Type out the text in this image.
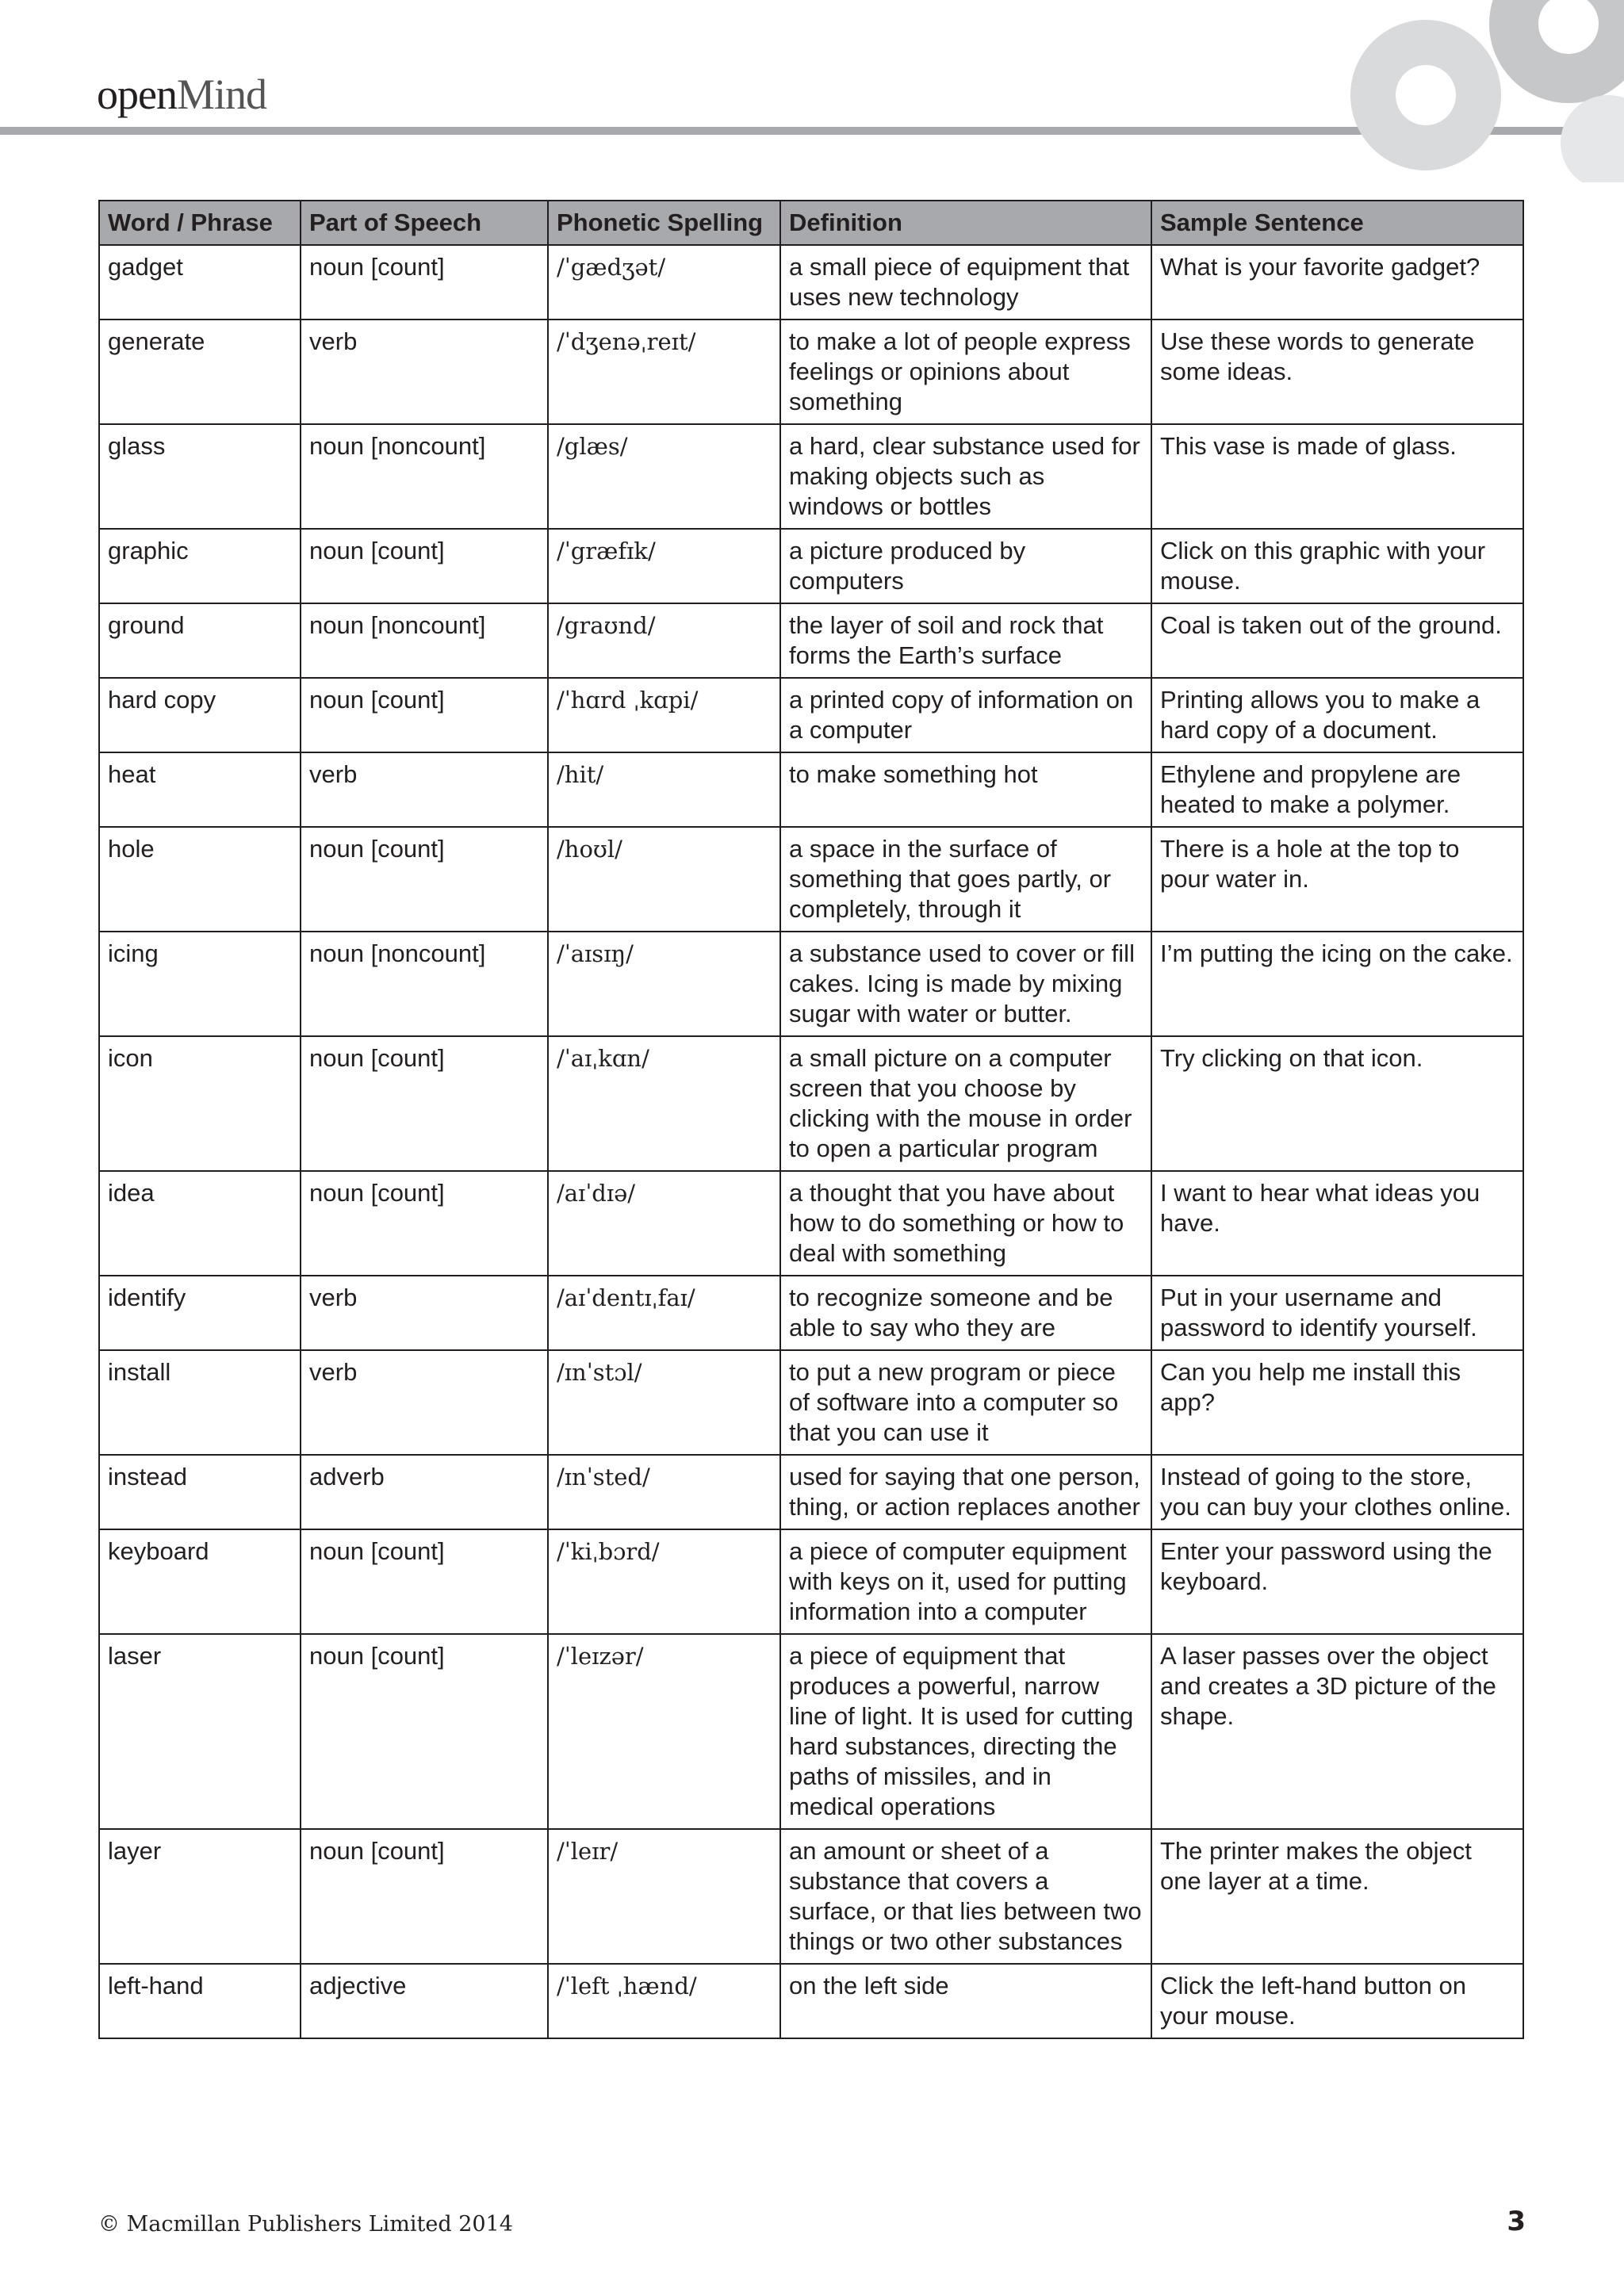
openMind
Word / Phrase	Part of Speech	Phonetic Spelling	Definition	Sample Sentence
gadget	noun [count]	/ˈgædʒət/	a small piece of equipment that uses new technology	What is your favorite gadget?
generate	verb	/ˈdʒenəˌreɪt/	to make a lot of people express feelings or opinions about something	Use these words to generate some ideas.
glass	noun [noncount]	/glæs/	a hard, clear substance used for making objects such as windows or bottles	This vase is made of glass.
graphic	noun [count]	/ˈgræfɪk/	a picture produced by computers	Click on this graphic with your mouse.
ground	noun [noncount]	/graʊnd/	the layer of soil and rock that forms the Earth’s surface	Coal is taken out of the ground.
hard copy	noun [count]	/ˈhɑrd ˌkɑpi/	a printed copy of information on a computer	Printing allows you to make a hard copy of a document.
heat	verb	/hit/	to make something hot	Ethylene and propylene are heated to make a polymer.
hole	noun [count]	/hoʊl/	a space in the surface of something that goes partly, or completely, through it	There is a hole at the top to pour water in.
icing	noun [noncount]	/ˈaɪsɪŋ/	a substance used to cover or fill cakes. Icing is made by mixing sugar with water or butter.	I’m putting the icing on the cake.
icon	noun [count]	/ˈaɪˌkɑn/	a small picture on a computer screen that you choose by clicking with the mouse in order to open a particular program	Try clicking on that icon.
idea	noun [count]	/aɪˈdɪə/	a thought that you have about how to do something or how to deal with something	I want to hear what ideas you have.
identify	verb	/aɪˈdentɪˌfaɪ/	to recognize someone and be able to say who they are	Put in your username and password to identify yourself.
install	verb	/ɪnˈstɔl/	to put a new program or piece of software into a computer so that you can use it	Can you help me install this app?
instead	adverb	/ɪnˈsted/	used for saying that one person, thing, or action replaces another	Instead of going to the store, you can buy your clothes online.
keyboard	noun [count]	/ˈkiˌbɔrd/	a piece of computer equipment with keys on it, used for putting information into a computer	Enter your password using the keyboard.
laser	noun [count]	/ˈleɪzər/	a piece of equipment that produces a powerful, narrow line of light. It is used for cutting hard substances, directing the paths of missiles, and in medical operations	A laser passes over the object and creates a 3D picture of the shape.
layer	noun [count]	/ˈleɪr/	an amount or sheet of a substance that covers a surface, or that lies between two things or two other substances	The printer makes the object one layer at a time.
left-hand	adjective	/ˈleft ˌhænd/	on the left side	Click the left-hand button on your mouse.
© Macmillan Publishers Limited 2014	3
